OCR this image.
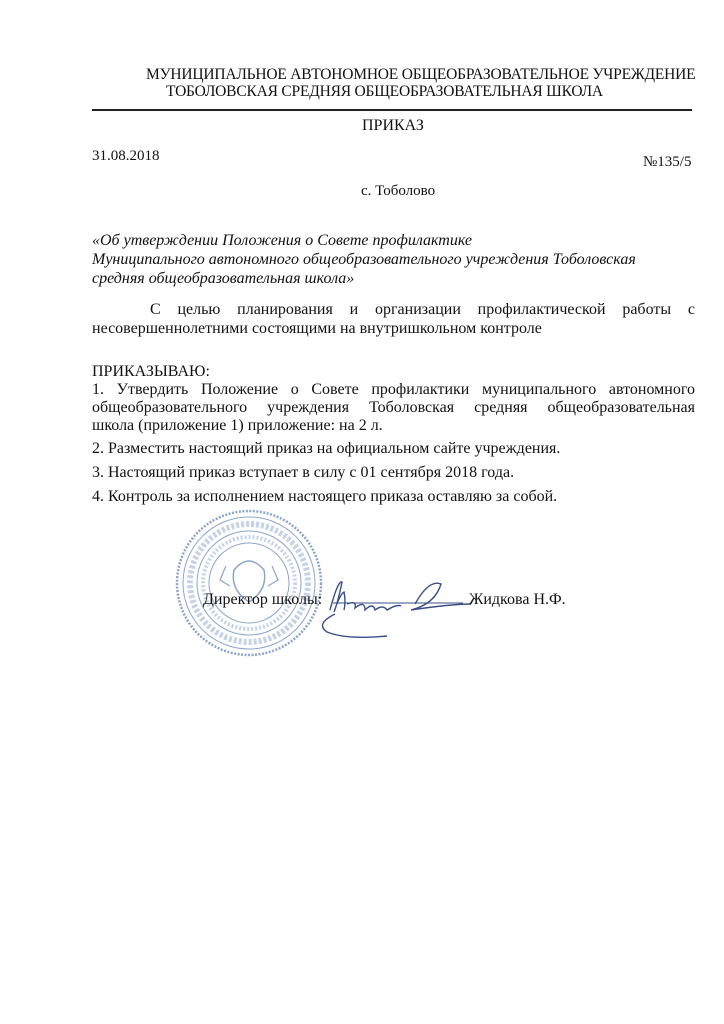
МУНИЦИПАЛЬНОЕ АВТОНОМНОЕ ОБЩЕОБРАЗОВАТЕЛЬНОЕ УЧРЕЖДЕНИЕ
ТОБОЛОВСКАЯ СРЕДНЯЯ ОБЩЕОБРАЗОВАТЕЛЬНАЯ ШКОЛА
ПРИКАЗ
31.08.2018	№135/5
с. Тоболово
«Об утверждении Положения о Совете профилактике
Муниципального автономного общеобразовательного учреждения Тоболовская
средняя общеобразовательная школа»
С целью планирования и организации профилактической работы с
несовершеннолетними состоящими на внутришкольном контроле
ПРИКАЗЫВАЮ:
1. Утвердить Положение о Совете профилактики муниципального автономного
общеобразовательного учреждения Тоболовская средняя общеобразовательная
школа (приложение 1) приложение: на 2 л.
2. Разместить настоящий приказ на официальном сайте учреждения.
3. Настоящий приказ вступает в силу с 01 сентября 2018 года.
4. Контроль за исполнением настоящего приказа оставляю за собой.
Директор школы:	Жидкова Н.Ф.
